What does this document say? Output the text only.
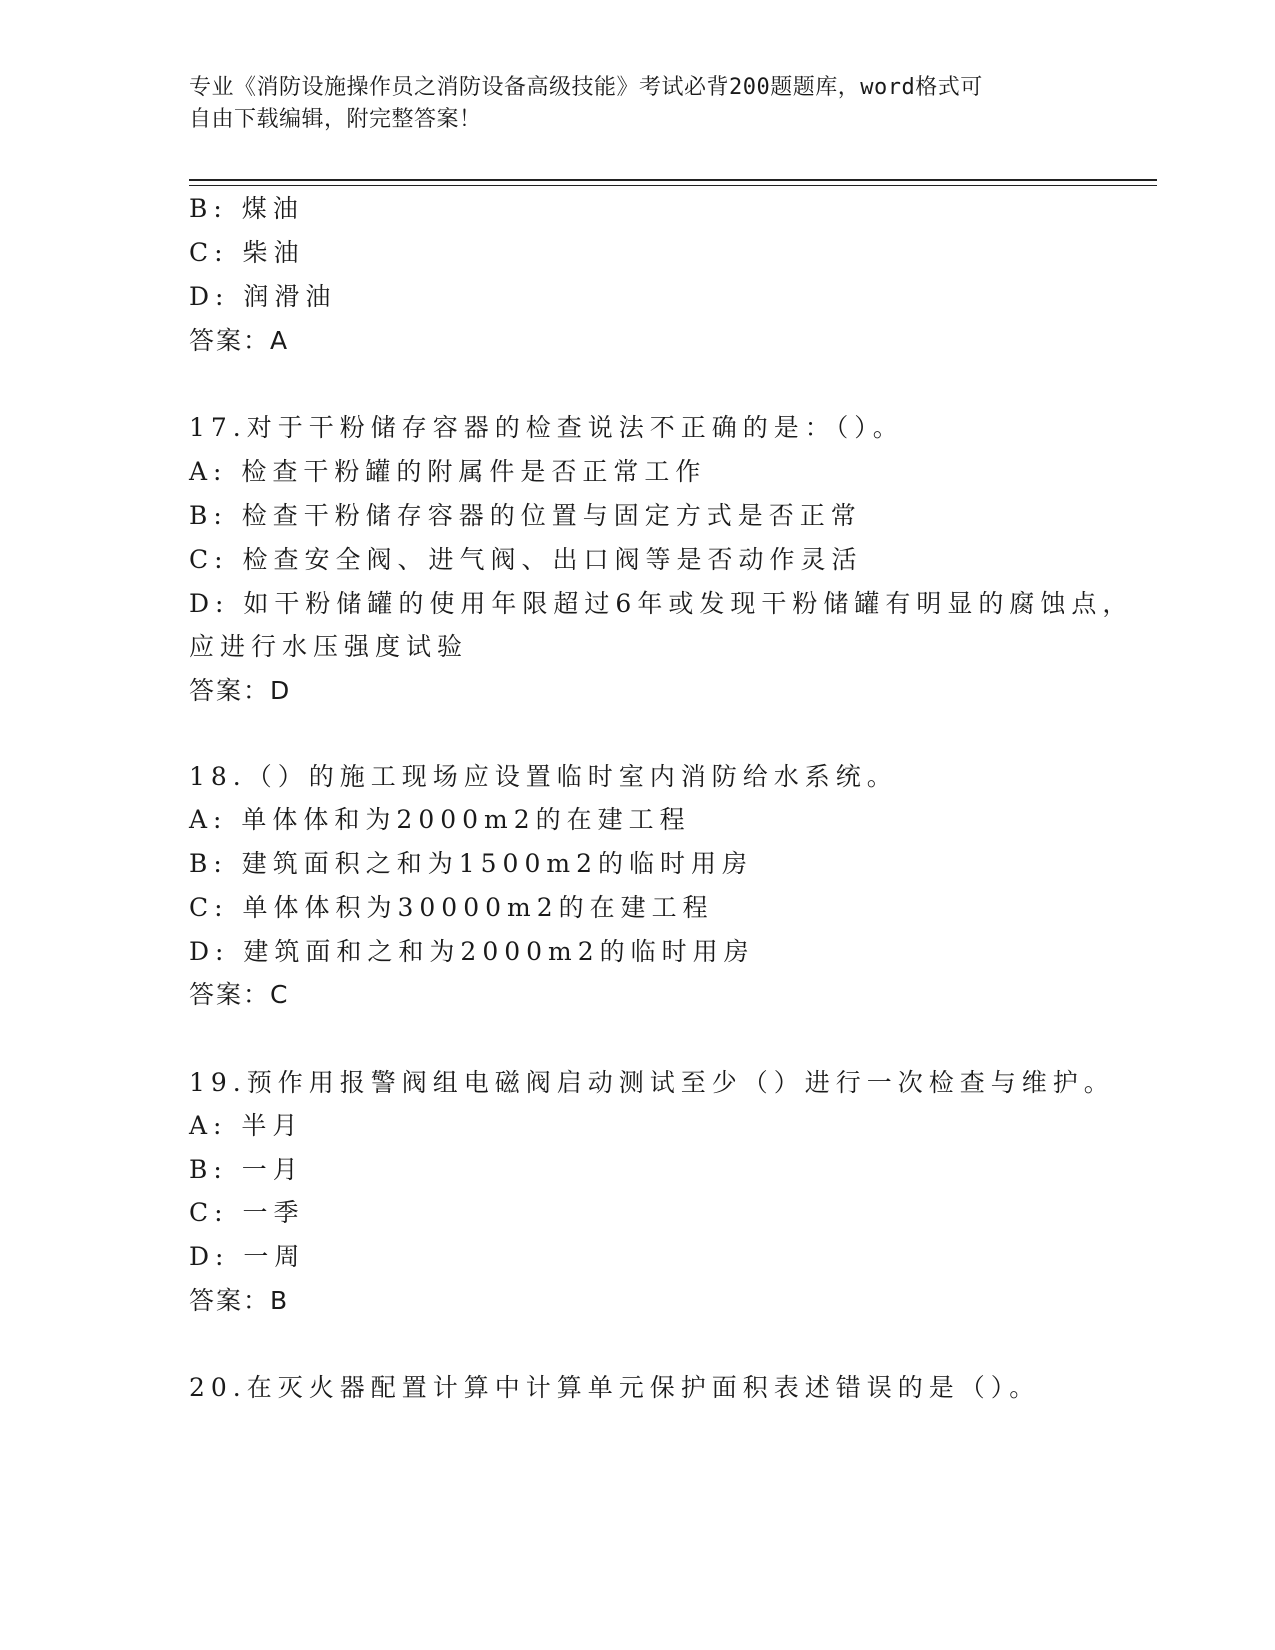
专业《消防设施操作员之消防设备高级技能》考试必背200题题库，word格式可
自由下载编辑，附完整答案！
B: 煤油
C: 柴油
D: 润滑油
答案：A
17.对于干粉储存容器的检查说法不正确的是：（）。
A: 检查干粉罐的附属件是否正常工作
B: 检查干粉储存容器的位置与固定方式是否正常
C: 检查安全阀、进气阀、出口阀等是否动作灵活
D: 如干粉储罐的使用年限超过6年或发现干粉储罐有明显的腐蚀点，
应进行水压强度试验
答案：D
18.（）的施工现场应设置临时室内消防给水系统。
A: 单体体和为2000m2的在建工程
B: 建筑面积之和为1500m2的临时用房
C: 单体体积为30000m2的在建工程
D: 建筑面和之和为2000m2的临时用房
答案：C
19.预作用报警阀组电磁阀启动测试至少（）进行一次检查与维护。
A: 半月
B: 一月
C: 一季
D: 一周
答案：B
20.在灭火器配置计算中计算单元保护面积表述错误的是（）。
